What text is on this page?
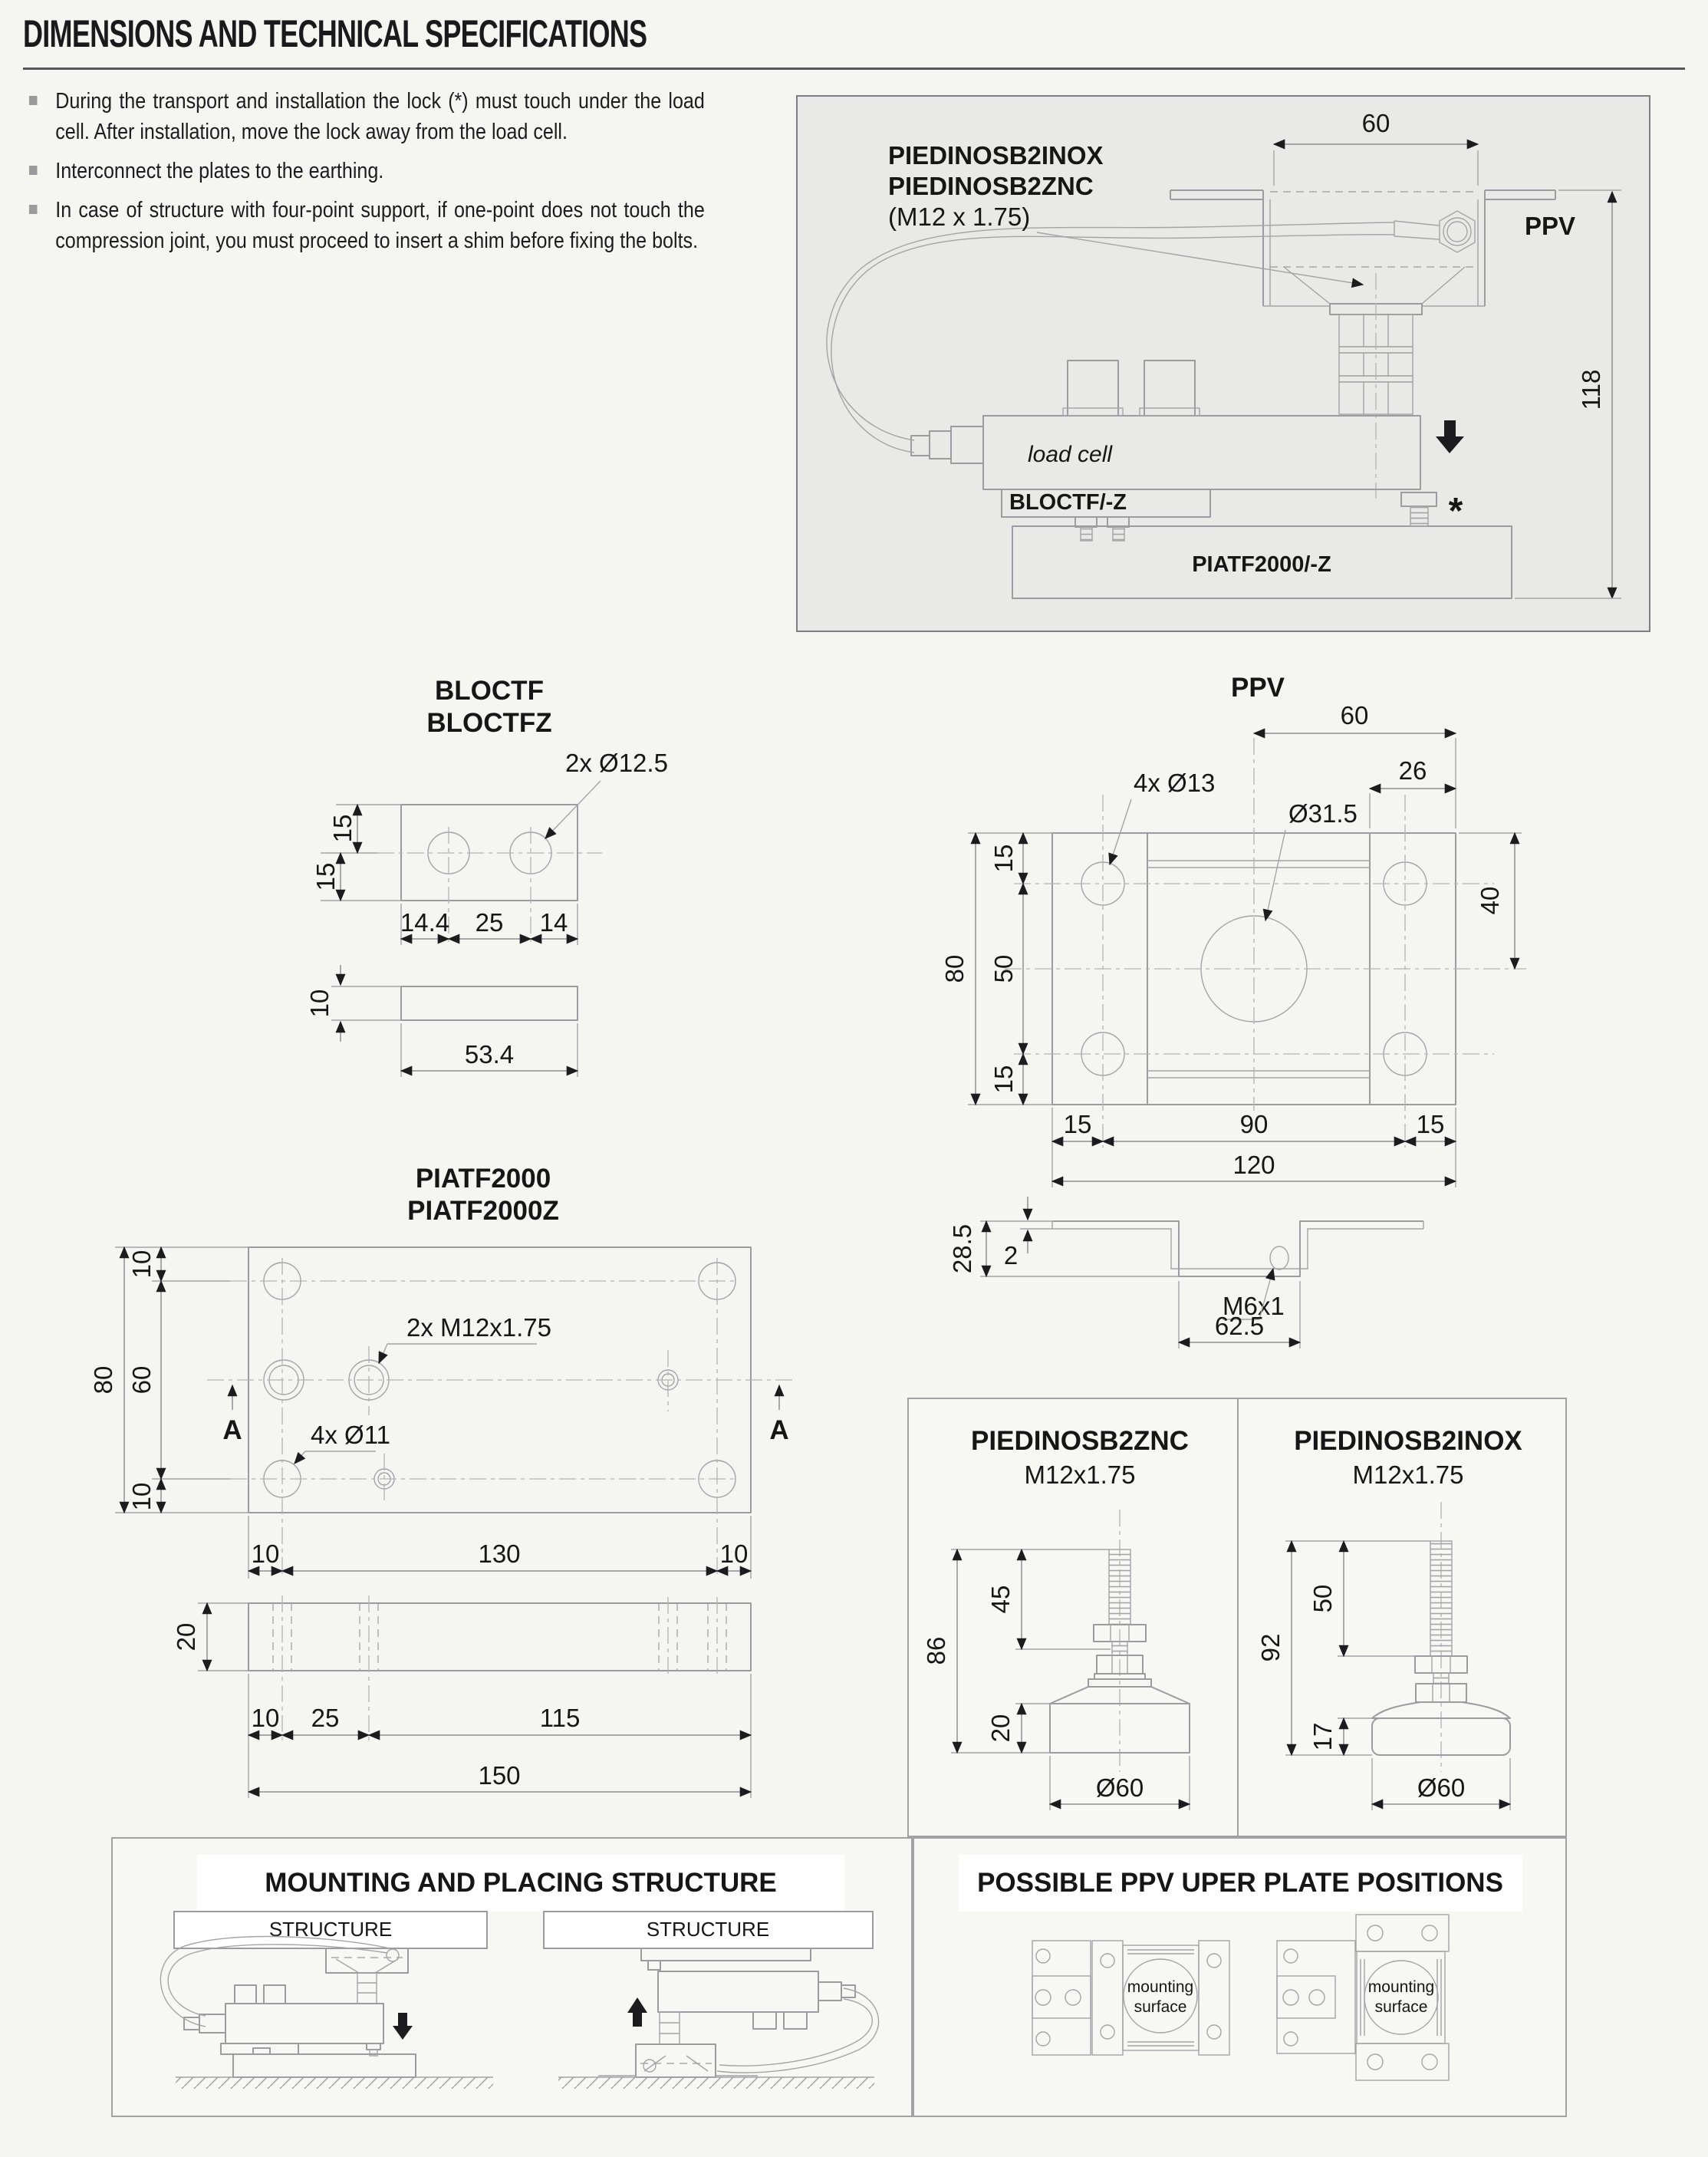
DIMENSIONS AND TECHNICAL SPECIFICATIONS
During the transport and installation the lock (*) must touch under the load cell. After installation, move the lock away from the load cell.
Interconnect the plates to the earthing.
In case of structure with four-point support, if one-point does not touch the compression joint, you must proceed to insert a shim before fixing the bolts.
PIEDINOSB2INOX
PIEDINOSB2ZNC
(M12 x 1.75)
60
PPV
118
load cell
BLOCTF/-Z
PIATF2000/-Z
*
BLOCTF
BLOCTFZ
2x Ø12.5
15
15
14.4 25 14
10
53.4
PPV
4x Ø13
Ø31.5
60
26
80
15
50
15
40
15	90	15
120
M6x1
2
28.5
62.5
PIATF2000
PIATF2000Z
2x M12x1.75
4x Ø11
A	A
80
10
60
10
10	130	10
20
10 25	115
150
PIEDINOSB2ZNC
M12x1.75
45
86
20
Ø60
PIEDINOSB2INOX
M12x1.75
50
92
17
Ø60
MOUNTING AND PLACING STRUCTURE
STRUCTURE	STRUCTURE
POSSIBLE PPV UPER PLATE POSITIONS
mounting
surface
mounting
surface
